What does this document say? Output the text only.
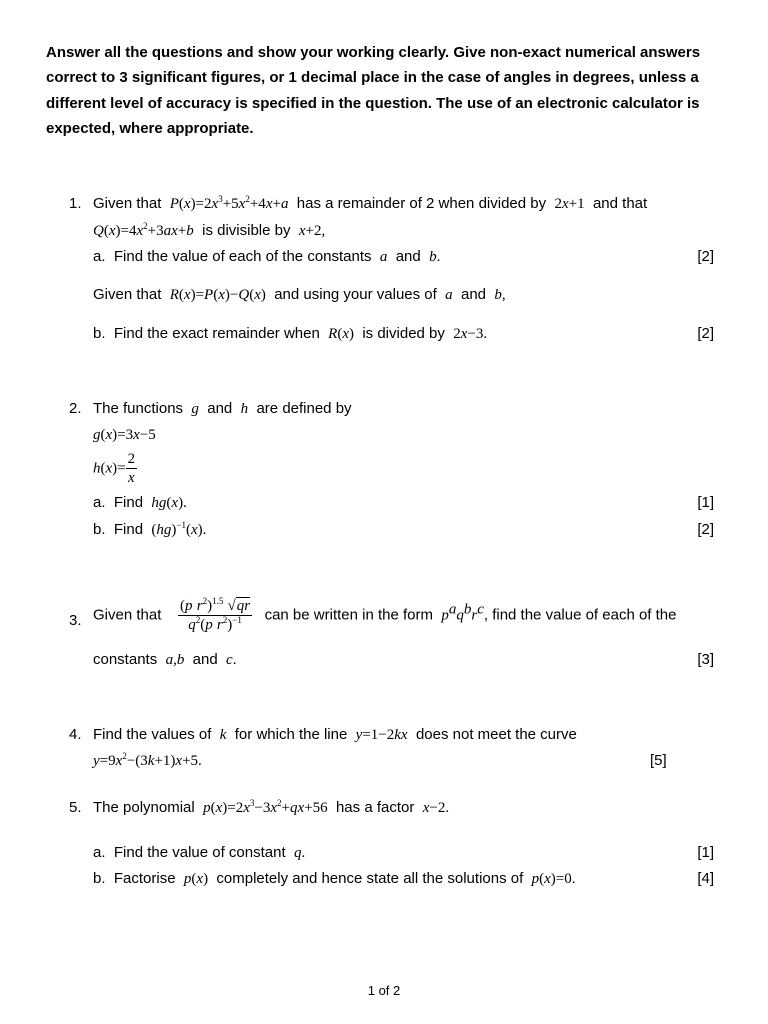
Answer all the questions and show your working clearly. Give non-exact numerical answers correct to 3 significant figures, or 1 decimal place in the case of angles in degrees, unless a different level of accuracy is specified in the question. The use of an electronic calculator is expected, where appropriate.
1. Given that $P(x)=2x^3+5x^2+4x+a$ has a remainder of 2 when divided by 2x+1 and that
$Q(x)=4x^2+3ax+b$ is divisible by x+2,
a. Find the value of each of the constants a and b.	[2]
Given that R(x)=P(x)−Q(x) and using your values of a and b,
b. Find the exact remainder when R(x) is divided by 2x−3.	[2]
2. The functions g and h are defined by
g(x)=3x−5
$h(x)= \frac{2}{x}$
a. Find hg(x).	[1]
b. Find (hg)$^{-1}$(x).	[2]
3. Given that $\frac{(p r^2)^{1.5} √qr}{q^2(p r^2)^{-1}}$ can be written in the form $p^aq^br^c$, find the value of each of the
constants a,b and c.	[3]
4. Find the values of k for which the line y=1−2kx does not meet the curve
$y=9x^2-(3k+1)x+5$.	[5]
5. The polynomial $p(x)=2x^3-3x^2+qx+56$ has a factor x−2.
a. Find the value of constant q.	[1]
b. Factorise p(x) completely and hence state all the solutions of p(x)=0.	[4]
1 of 2
